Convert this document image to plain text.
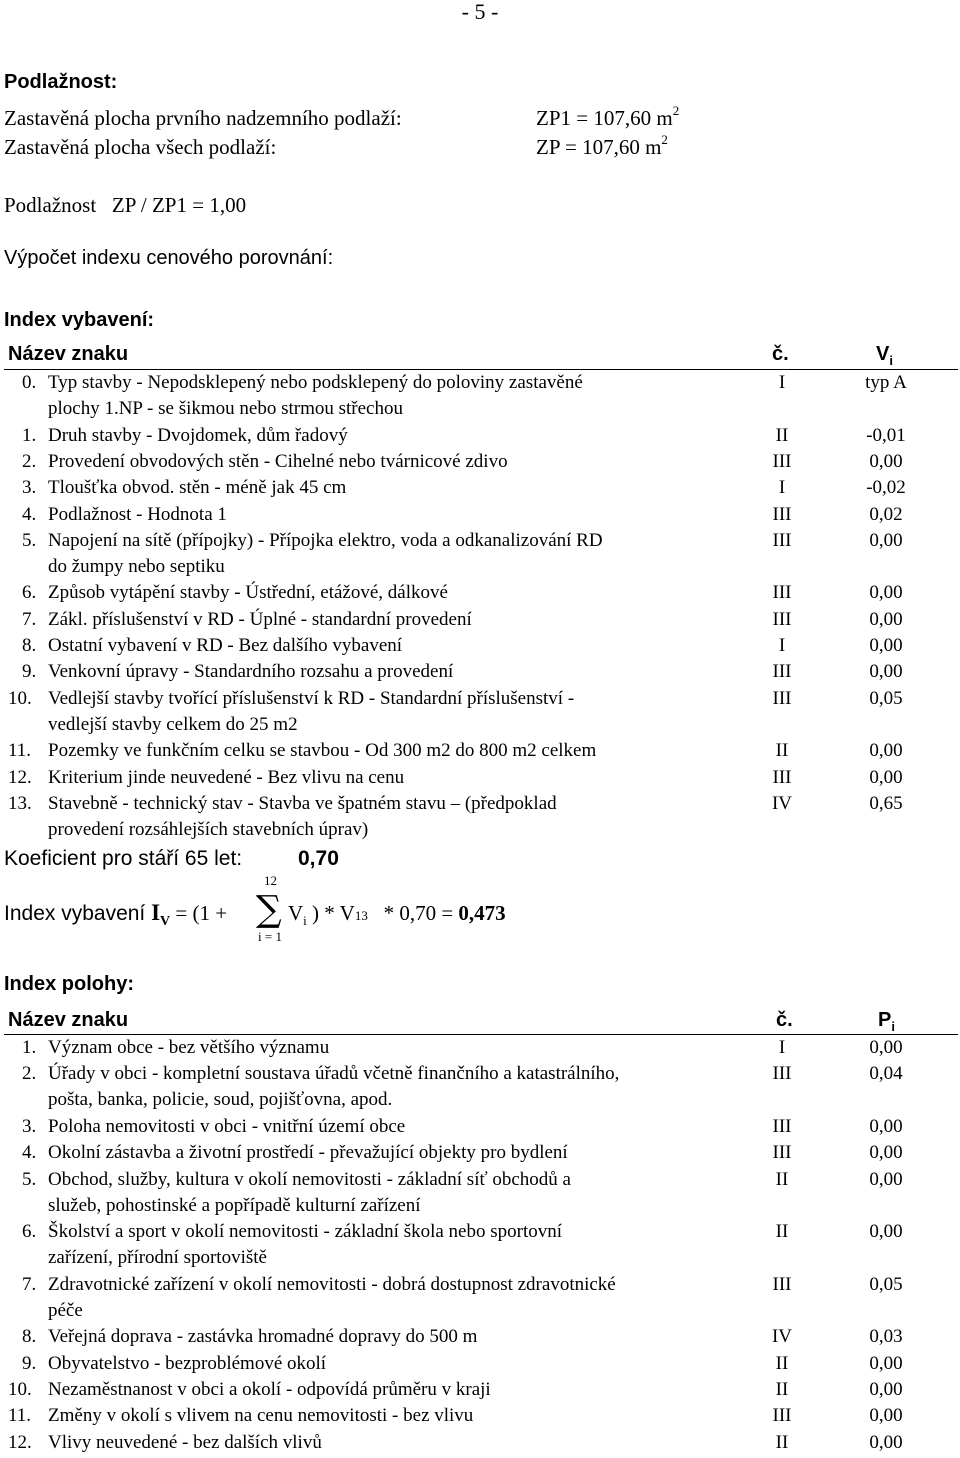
- 5 -
Podlažnost:
Zastavěná plocha prvního nadzemního podlaží:	ZP1 = 107,60 $m^2$
Zastavěná plocha všech podlaží:	ZP = 107,60 $m^2$
Podlažnost   ZP / ZP1 = 1,00
Výpočet indexu cenového porovnání:
Index vybavení:
Název znaku	č.	$V_i$
0. Typ stavby - Nepodsklepený nebo podsklepený do poloviny zastavěné
plochy 1.NP - se šikmou nebo strmou střechou
I	typ A
1. Druh stavby - Dvojdomek, dům řadový	II	-0,01
2. Provedení obvodových stěn - Cihelné nebo tvárnicové zdivo	III	0,00
3. Tloušťka obvod. stěn - méně jak 45 cm	I	-0,02
4. Podlažnost - Hodnota 1	III	0,02
5. Napojení na sítě (přípojky) - Přípojka elektro, voda a odkanalizování RD
do žumpy nebo septiku
III	0,00
6. Způsob vytápění stavby - Ústřední, etážové, dálkové	III	0,00
7. Zákl. příslušenství v RD - Úplné - standardní provedení	III	0,00
8. Ostatní vybavení v RD - Bez dalšího vybavení	I	0,00
9. Venkovní úpravy - Standardního rozsahu a provedení	III	0,00
10. Vedlejší stavby tvořící příslušenství k RD - Standardní příslušenství -
vedlejší stavby celkem do 25 m2
III	0,05
11. Pozemky ve funkčním celku se stavbou - Od 300 m2 do 800 m2 celkem	II	0,00
12. Kriterium jinde neuvedené - Bez vlivu na cenu	III	0,00
13. Stavebně - technický stav - Stavba ve špatném stavu – (předpoklad
provedení rozsáhlejších stavebních úprav)
IV	0,65
Koeficient pro stáří 65 let:	0,70
12
Index vybavení $I_V = (1$ + ∑ $V_i$ ) * V13   * 0,70 = 0,473
i = 1
Index polohy:
Název znaku	č.	$P_i$
1. Význam obce - bez většího významu	I	0,00
2. Úřady v obci - kompletní soustava úřadů včetně finančního a katastrálního,
pošta, banka, policie, soud, pojišťovna, apod.
III	0,04
3. Poloha nemovitosti v obci - vnitřní území obce	III	0,00
4. Okolní zástavba a životní prostředí - převažující objekty pro bydlení	III	0,00
5. Obchod, služby, kultura v okolí nemovitosti - základní síť obchodů a
služeb, pohostinské a popřípadě kulturní zařízení
II	0,00
6. Školství a sport v okolí nemovitosti - základní škola nebo sportovní
zařízení, přírodní sportoviště
II	0,00
7. Zdravotnické zařízení v okolí nemovitosti - dobrá dostupnost zdravotnické
péče
III	0,05
8. Veřejná doprava - zastávka hromadné dopravy do 500 m	IV	0,03
9. Obyvatelstvo - bezproblémové okolí	II	0,00
10. Nezaměstnanost v obci a okolí - odpovídá průměru v kraji	II	0,00
11. Změny v okolí s vlivem na cenu nemovitosti - bez vlivu	III	0,00
12. Vlivy neuvedené - bez dalších vlivů	II	0,00
